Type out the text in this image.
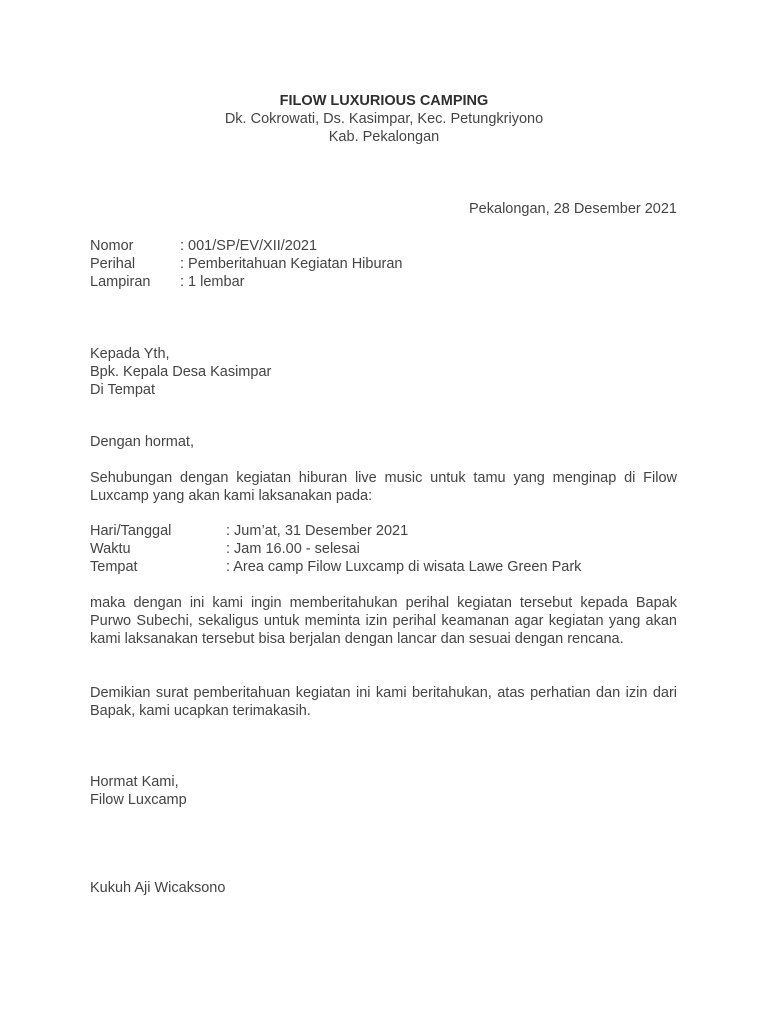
FILOW LUXURIOUS CAMPING
Dk. Cokrowati, Ds. Kasimpar, Kec. Petungkriyono
Kab. Pekalongan
Pekalongan, 28 Desember 2021
Nomor	: 001/SP/EV/XII/2021
Perihal	: Pemberitahuan Kegiatan Hiburan
Lampiran : 1 lembar
Kepada Yth,
Bpk. Kepala Desa Kasimpar
Di Tempat
Dengan hormat,
Sehubungan dengan kegiatan hiburan live music untuk tamu yang menginap di Filow Luxcamp yang akan kami laksanakan pada:
Hari/Tanggal	: Jum’at, 31 Desember 2021
Waktu	: Jam 16.00 - selesai
Tempat	: Area camp Filow Luxcamp di wisata Lawe Green Park
maka dengan ini kami ingin memberitahukan perihal kegiatan tersebut kepada Bapak Purwo Subechi, sekaligus untuk meminta izin perihal keamanan agar kegiatan yang akan kami laksanakan tersebut bisa berjalan dengan lancar dan sesuai dengan rencana.
Demikian surat pemberitahuan kegiatan ini kami beritahukan, atas perhatian dan izin dari Bapak, kami ucapkan terimakasih.
Hormat Kami,
Filow Luxcamp
Kukuh Aji Wicaksono
